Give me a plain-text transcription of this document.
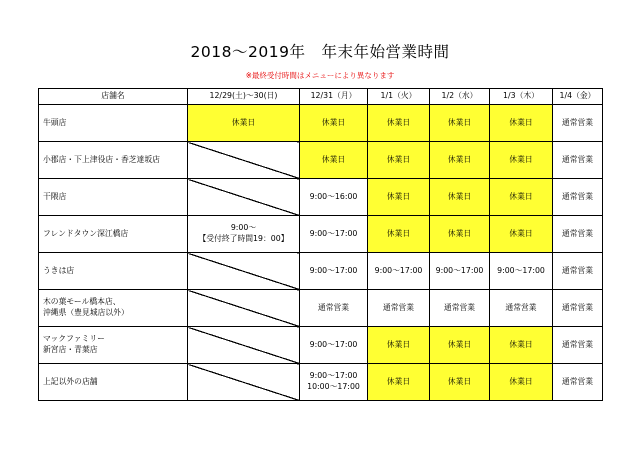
2018～2019年　年末年始営業時間
※最終受付時間はメニューにより異なります
店舗名	12/29(土)～30(日)	12/31（月）	1/1（火）	1/2（水）	1/3（木）	1/4（金）

牛頭店	休業日	休業日	休業日	休業日	休業日	通常営業

小郡店・下上津役店・香芝達坂店		休業日	休業日	休業日	休業日	通常営業

干隈店		9:00～16:00	休業日	休業日	休業日	通常営業

フレンドタウン深江橋店	9:00～
【受付終了時間19：00】	9:00～17:00	休業日	休業日	休業日	通常営業

うきは店		9:00～17:00	9:00～17:00	9:00～17:00	9:00～17:00	通常営業

木の葉モール橋本店、
沖縄県（豊見城店以外）		通常営業	通常営業	通常営業	通常営業	通常営業

マックファミリー
新宮店・青葉店		9:00～17:00	休業日	休業日	休業日	通常営業

上記以外の店舗		9:00～17:00
10:00～17:00	休業日	休業日	休業日	通常営業
